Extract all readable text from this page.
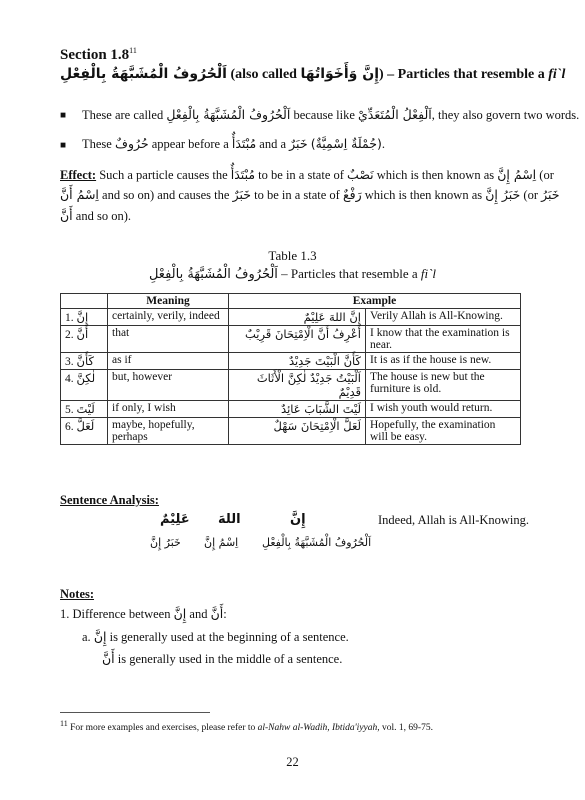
Section $1.8^{11}$
اَلْحُرُوفُ الْمُشَبَّهَةُ بِالْفِعْلِ (also called إِنَّ وَأَخَوَاتُهَا) – Particles that resemble a fi`l
■ These are called اَلْحُرُوفُ الْمُشَبَّهَةُ بِالْفِعْلِ because like اَلْفِعْلُ الْمُتَعَدِّيْ, they also govern two words.
■ These حُرُوفٌ appear before a مُبْتَدَأٌ and a خَبَرٌ (جُمْلَةٌ اِسْمِيَّةٌ).
Effect: Such a particle causes the مُبْتَدَأٌ to be in a state of نَصْبٌ which is then known as اِسْمُ إِنَّ (or
اِسْمُ أَنَّ and so on) and causes the خَبَرٌ to be in a state of رَفْعٌ which is then known as خَبَرُ إِنَّ (or خَبَرُ
أَنَّ and so on).
Table 1.3
اَلْحُرُوفُ الْمُشَبَّهَةُ بِالْفِعْلِ – Particles that resemble a fi`l
	Meaning	Example	
1. إِنَّ	certainly, verily, indeed	إِنَّ اللهَ عَلِيْمٌ	Verily Allah is All-Knowing.
2. أَنَّ	that	أَعْرِفُ أَنَّ الْاِمْتِحَانَ قَرِيْبٌ	I know that the examination is near.
3. كَأَنَّ	as if	كَأَنَّ الْبَيْتَ جَدِيْدٌ	It is as if the house is new.
4. لٰكِنَّ	but, however	اَلْبَيْتُ جَدِيْدٌ لٰكِنَّ الْأَثَاثَ قَدِيْمٌ	The house is new but the furniture is old.
5. لَيْتَ	if only, I wish	لَيْتَ الشَّبَابَ عَائِدٌ	I wish youth would return.
6. لَعَلَّ	maybe, hopefully, perhaps	لَعَلَّ الْاِمْتِحَانَ سَهْلٌ	Hopefully, the examination will be easy.
Sentence Analysis:
عَلِيْمٌ اللهَ	إِنَّ	Indeed, Allah is All-Knowing.
خَبَرُ إِنَّ اِسْمُ إِنَّ اَلْحُرُوفُ الْمُشَبَّهَةُ بِالْفِعْلِ
Notes:
1. Difference between إِنَّ and أَنَّ:
a. إِنَّ is generally used at the beginning of a sentence.
أَنَّ is generally used in the middle of a sentence.
$^{11}$ For more examples and exercises, please refer to al-Nahw al-Wadih, Ibtida'iyyah, vol. 1, 69-75.
22
